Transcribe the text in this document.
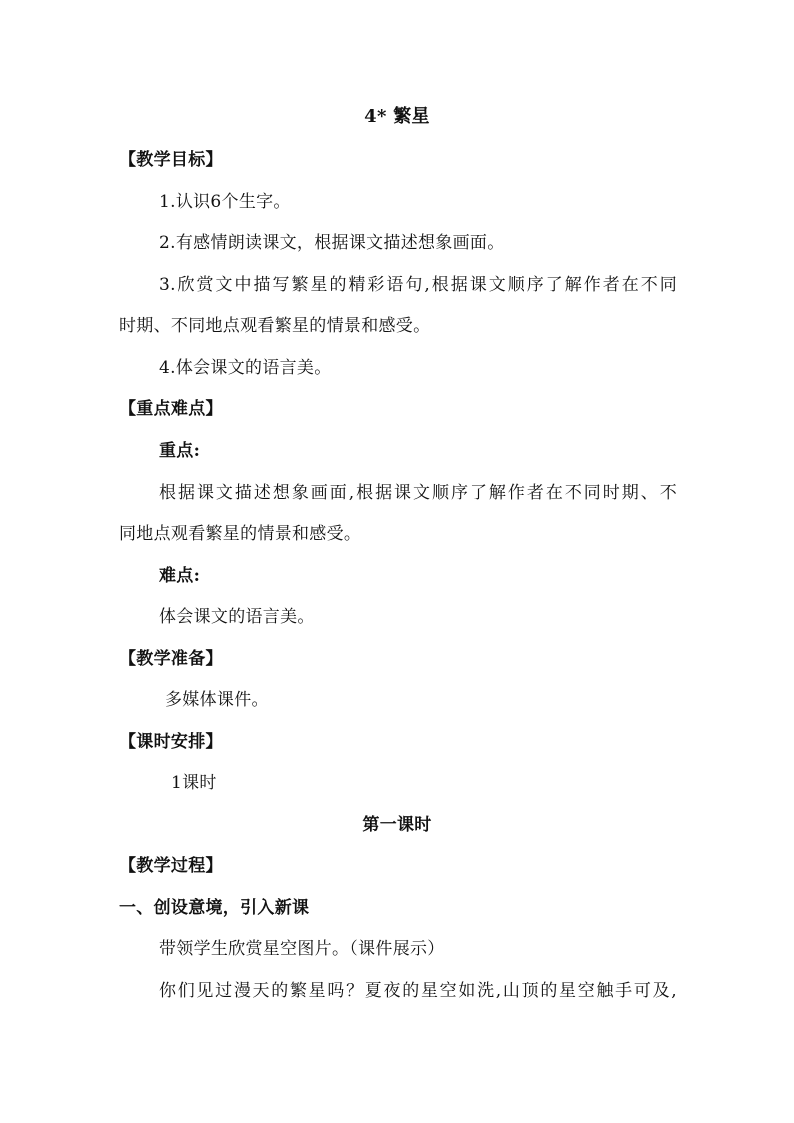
4* 繁星
【教学目标】
1.认识6个生字。
2.有感情朗读课文，根据课文描述想象画面。
3.欣赏文中描写繁星的精彩语句,根据课文顺序了解作者在不同
时期、不同地点观看繁星的情景和感受。
4.体会课文的语言美。
【重点难点】
重点:
根据课文描述想象画面,根据课文顺序了解作者在不同时期、不
同地点观看繁星的情景和感受。
难点:
体会课文的语言美。
【教学准备】
多媒体课件。
【课时安排】
1课时
第一课时
【教学过程】
一、创设意境，引入新课
带领学生欣赏星空图片。（课件展示）
你们见过漫天的繁星吗？夏夜的星空如洗,山顶的星空触手可及,
